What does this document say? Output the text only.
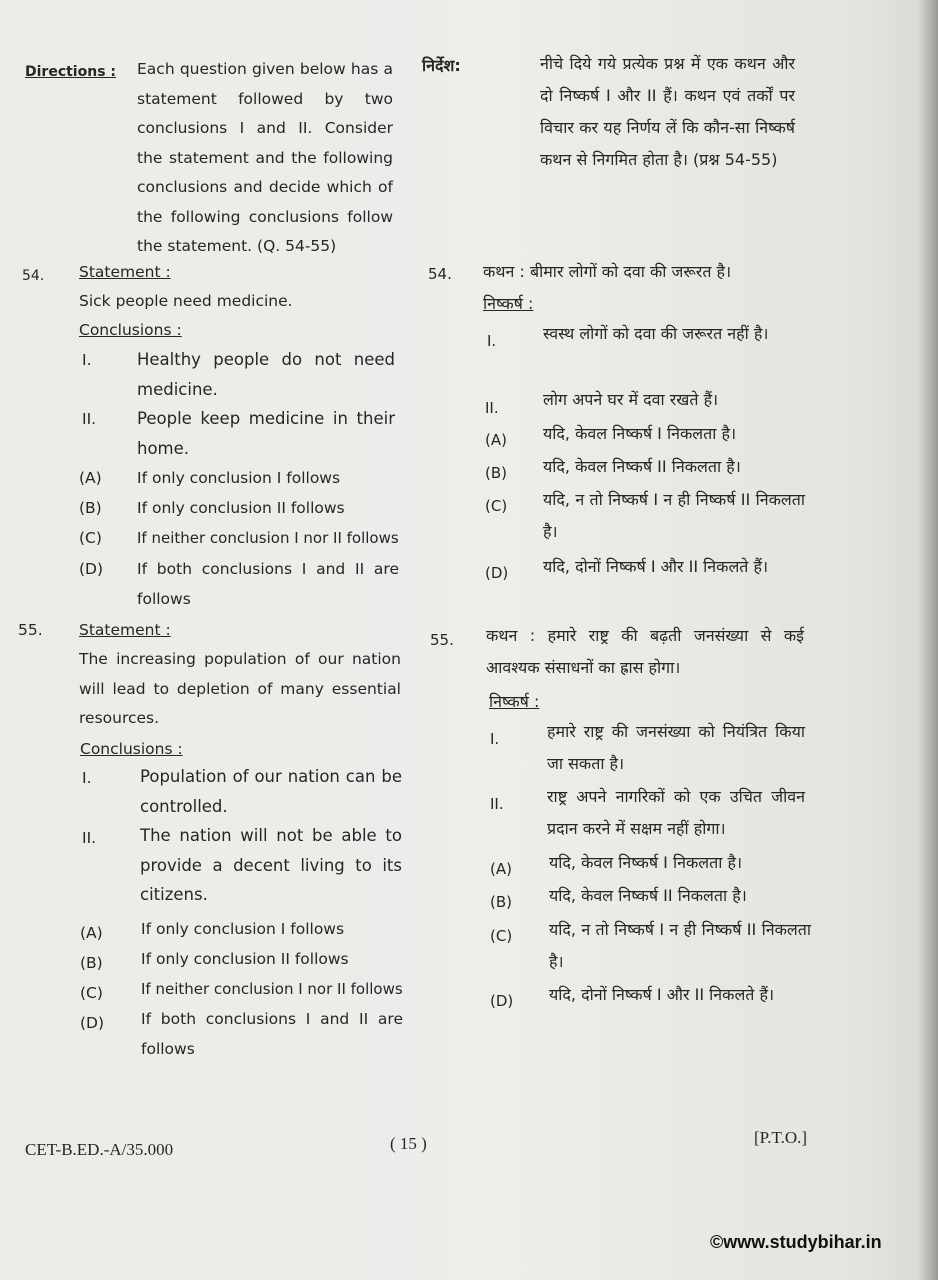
Directions : Each question given below has a statement followed by two conclusions I and II. Consider the statement and the following conclusions and decide which of the following conclusions follow the statement. (Q. 54-55)
54. Statement :
Sick people need medicine.
Conclusions :
I.	Healthy people do not need medicine.
II. People keep medicine in their home.
(A) If only conclusion I follows
(B) If only conclusion II follows
(C) If neither conclusion I nor II follows
(D) If both conclusions I and II are follows
55. Statement :
The increasing population of our nation will lead to depletion of many essential resources.
Conclusions :
I.	Population of our nation can be controlled.
II.	The nation will not be able to provide a decent living to its citizens.
(A) If only conclusion I follows
(B) If only conclusion II follows
(C)	If neither conclusion I nor II follows
(D) If both conclusions I and II are follows
निर्देश:	नीचे दिये गये प्रत्येक प्रश्न में एक कथन और दो निष्कर्ष I और II हैं। कथन एवं तर्कों पर विचार कर यह निर्णय लें कि कौन-सा निष्कर्ष कथन से निगमित होता है। (प्रश्न 54-55)
54. कथन : बीमार लोगों को दवा की जरूरत है।
निष्कर्ष :
I.	स्वस्थ लोगों को दवा की जरूरत नहीं है।
II.	लोग अपने घर में दवा रखते हैं।
(A) यदि, केवल निष्कर्ष I निकलता है।
(B) यदि, केवल निष्कर्ष II निकलता है।
(C) यदि, न तो निष्कर्ष I न ही निष्कर्ष II निकलता है।
(D) यदि, दोनों निष्कर्ष I और II निकलते हैं।
55. कथन : हमारे राष्ट्र की बढ़ती जनसंख्या से कई आवश्यक संसाधनों का ह्रास होगा।
निष्कर्ष :
I.	हमारे राष्ट्र की जनसंख्या को नियंत्रित किया जा सकता है।
II.	राष्ट्र अपने नागरिकों को एक उचित जीवन प्रदान करने में सक्षम नहीं होगा।
(A) यदि, केवल निष्कर्ष I निकलता है।
(B) यदि, केवल निष्कर्ष II निकलता है।
(C) यदि, न तो निष्कर्ष I न ही निष्कर्ष II निकलता है।
(D) यदि, दोनों निष्कर्ष I और II निकलते हैं।
CET-B.ED.-A/35.000	( 15 )	[P.T.O.]
©www.studybihar.in
